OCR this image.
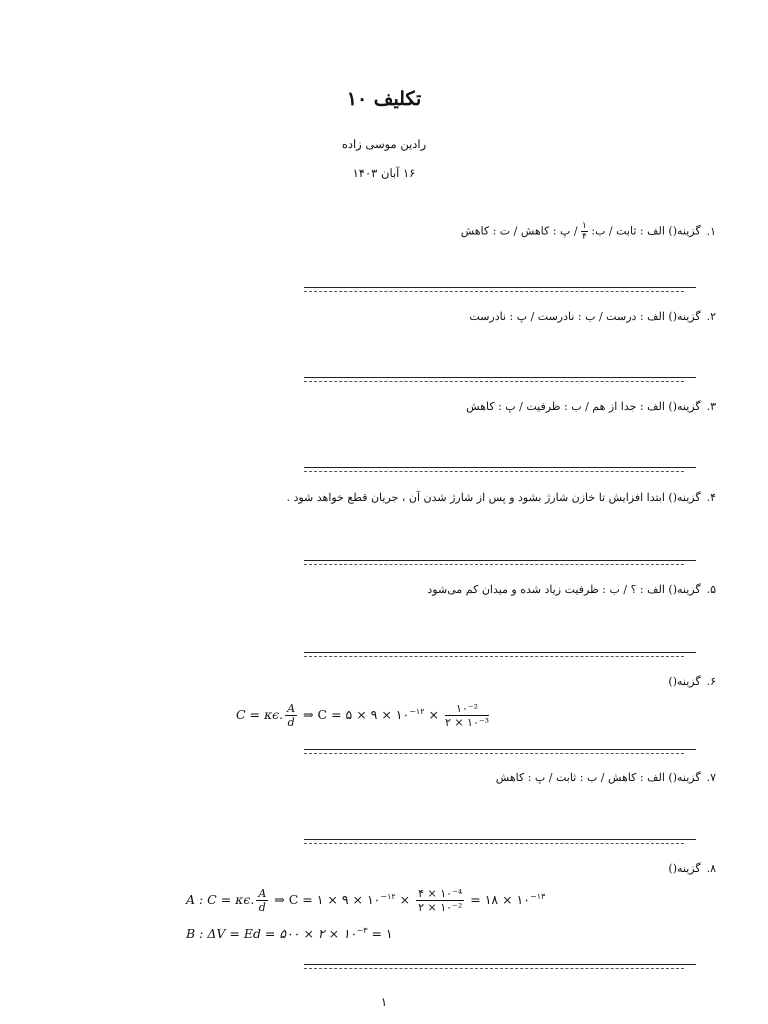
تکلیف ۱۰
رادین موسی زاده
۱۶ آبان ۱۴۰۳
۱.گزینه() الف : ثابت / ب:
$\frac{۱}{۴}$
/ پ : کاهش / ت : کاهش
۲.گزینه() الف : درست / ب : نادرست / پ : نادرست
۳.گزینه() الف : جدا از هم / ب : ظرفیت / پ : کاهش
۴.گزینه() ابتدا افزایش تا خازن شارژ بشود و پس از شارژ شدن آن ، جریان قطع خواهد شود .
۵.گزینه() الف : ؟ / ب : ظرفیت زیاد شده و میدان کم می‌شود
۶.گزینه()
C = κϵ. $\frac{A}{d}$ ⇒ C = ۵ × ۹ × $۱۰^{-۱۲}$ ×	۱۰⁻²
۲ × ۱۰⁻³
۷.گزینه() الف : کاهش / ب : ثابت / پ : کاهش
۸.گزینه()
A : C = κϵ. $\frac{A}{d}$ ⇒ C = ۱ × ۹ × $۱۰^{-۱۲}$ × ۴ × ۱۰⁻⁴
۲ × ۱۰⁻²
= ۱۸ × $۱۰^{-۱۳}$
B : ΔV = Ed = ۵۰۰ × ۲ × $۱۰^{-۳}$ = ۱
۱
